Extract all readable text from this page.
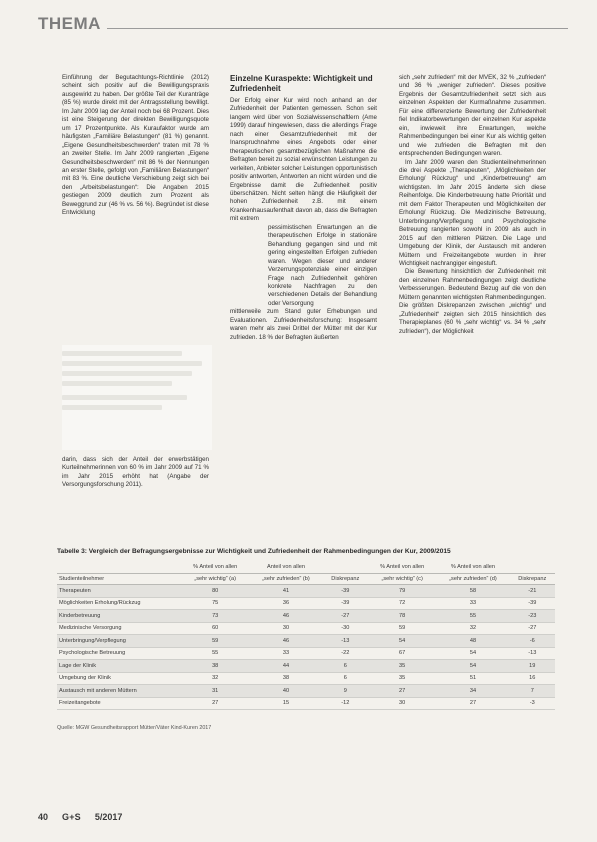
THEMA

Einführung der Begutachtungs-Richtlinie (2012) scheint sich positiv auf die Bewilligungspraxis ausgewirkt zu haben. Der größte Teil der Kuranträge (85 %) wurde direkt mit der Antragsstellung bewilligt. Im Jahr 2009 lag der Anteil noch bei 68 Prozent. Dies ist eine Steigerung der direkten Bewilligungsquote um 17 Prozentpunkte. Als Kuraufaktor wurde am häufigsten „Familiäre Belastungen“ (81 %) genannt. „Eigene Gesundheitsbeschwerden“ traten mit 78 % an zweiter Stelle. Im Jahr 2009 rangierten „Eigene Gesundheitsbeschwerden“ mit 86 % der Nennungen an erster Stelle, gefolgt von „Familiären Belastungen“ mit 83 %. Eine deutliche Verschiebung zeigt sich bei den „Arbeitsbelastungen“: Die Angaben 2015 gestiegen 2009 deutlich zum Prozent als Beweggrund zur (46 % vs. 56 %). Begründet ist diese Entwicklung

darin, dass sich der Anteil der erwerbstätigen Kurteilnehmerinnen von 60 % im Jahr 2009 auf 71 % im Jahr 2015 erhöht hat (Angabe der Versorgungsforschung 2011).

Einzelne Kuraspekte: Wichtigkeit und Zufriedenheit

Der Erfolg einer Kur wird noch anhand an der Zufriedenheit der Patienten gemessen. Schon seit langem wird über von Sozialwissenschaftlern (Ame 1999) darauf hingewiesen, dass die allerdings Frage nach einer Gesamtzufriedenheit mit der Inanspruchnahme eines Angebots oder einer therapeutischen gesamtbezüglichen Maßnahme die Befragten bereit zu sozial erwünschten Leistungen zu verleiten, Anbieter solcher Leistungen opportunistisch positiv antworten, Antworten an nicht würden und die Ergebnisse damit die Zufriedenheit positiv überschätzen. Nicht selten hängt die Häufigkeit der hohen Zufriedenheit z.B. mit einem Krankenhausaufenthalt davon ab, dass die Befragten mit extrem

pessimistischen Erwartungen an die therapeutischen Erfolge in stationäre Behandlung gegangen sind und mit gering eingestellten Erfolgen zufrieden waren. Wegen dieser und anderer Verzerrungspotenziale einer einzigen Frage nach Zufriedenheit gehören konkrete Nachfragen zu den verschiedenen Details der Behandlung oder Versorgung

mittlerweile zum Stand guter Erhebungen und Evaluationen. Zufriedenheitsforschung: Insgesamt waren mehr als zwei Drittel der Mütter mit der Kur zufrieden. 18 % der Befragten äußerten

sich „sehr zufrieden“ mit der MVEK, 32 % „zufrieden“ und 36 % „weniger zufrieden“. Dieses positive Ergebnis der Gesamtzufriedenheit setzt sich aus einzelnen Aspekten der Kurmaßnahme zusammen. Für eine differenzierte Bewertung der Zufriedenheit fiel Indikatorbewertungen der einzelnen Kur aspekte ein, inwieweit ihre Erwartungen, welche Rahmenbedingungen bei einer Kur als wichtig gelten und wie zufrieden die Befragten mit den entsprechenden Bedingungen waren.

Im Jahr 2009 waren den Studienteilnehmerinnen die drei Aspekte „Therapeuten“, „Möglichkeiten der Erholung/ Rückzug“ und „Kinderbetreuung“ am wichtigsten. Im Jahr 2015 änderte sich diese Reihenfolge. Die Kinderbetreuung hatte Priorität und mit dem Faktor Therapeuten und Möglichkeiten der Erholung/ Rückzug. Die Medizinische Betreuung, Unterbringung/Verpflegung und Psychologische Betreuung rangierten sowohl in 2009 als auch in 2015 auf den mittleren Plätzen. Die Lage und Umgebung der Klinik, der Austausch mit anderen Müttern und Freizeitangebote wurden in ihrer Wichtigkeit nachrangiger eingestuft.

Die Bewertung hinsichtlich der Zufriedenheit mit den einzelnen Rahmenbedingungen zeigt deutliche Verbesserungen. Bedeutend Bezug auf die von den Müttern genannten wichtigsten Rahmenbedingungen. Die größten Diskrepanzen zwischen „wichtig“ und „Zufriedenheit“ zeigten sich 2015 hinsichtlich des Therapieplanes (60 % „sehr wichtig“ vs. 34 % „sehr zufrieden“), der Möglichkeit

Tabelle 3: Vergleich der Befragungsergebnisse zur Wichtigkeit und Zufriedenheit der Rahmenbedingungen der Kur, 2009/2015
	% Anteil von allen	Anteil von allen		% Anteil von allen	% Anteil von allen	
Studienteilnehmer	„sehr wichtig“ (a)	„sehr zufrieden“ (b)	Diskrepanz	„sehr wichtig“ (c)	„sehr zufrieden“ (d)	Diskrepanz
Therapeuten	80	41	-39	79	58	-21
Möglichkeiten Erholung/Rückzug	75	36	-39	72	33	-39
Kinderbetreuung	73	46	-27	78	55	-23
Medizinische Versorgung	60	30	-30	59	32	-27
Unterbringung/Verpflegung	59	46	-13	54	48	-6
Psychologische Betreuung	55	33	-22	67	54	-13
Lage der Klinik	38	44	6	35	54	19
Umgebung der Klinik	32	38	6	35	51	16
Austausch mit anderen Müttern	31	40	9	27	34	7
Freizeitangebote	27	15	-12	30	27	-3
Quelle: MGW Gesundheitsrapport Mütter/Väter Kind-Kuren 2017
40 G+S 5/2017
